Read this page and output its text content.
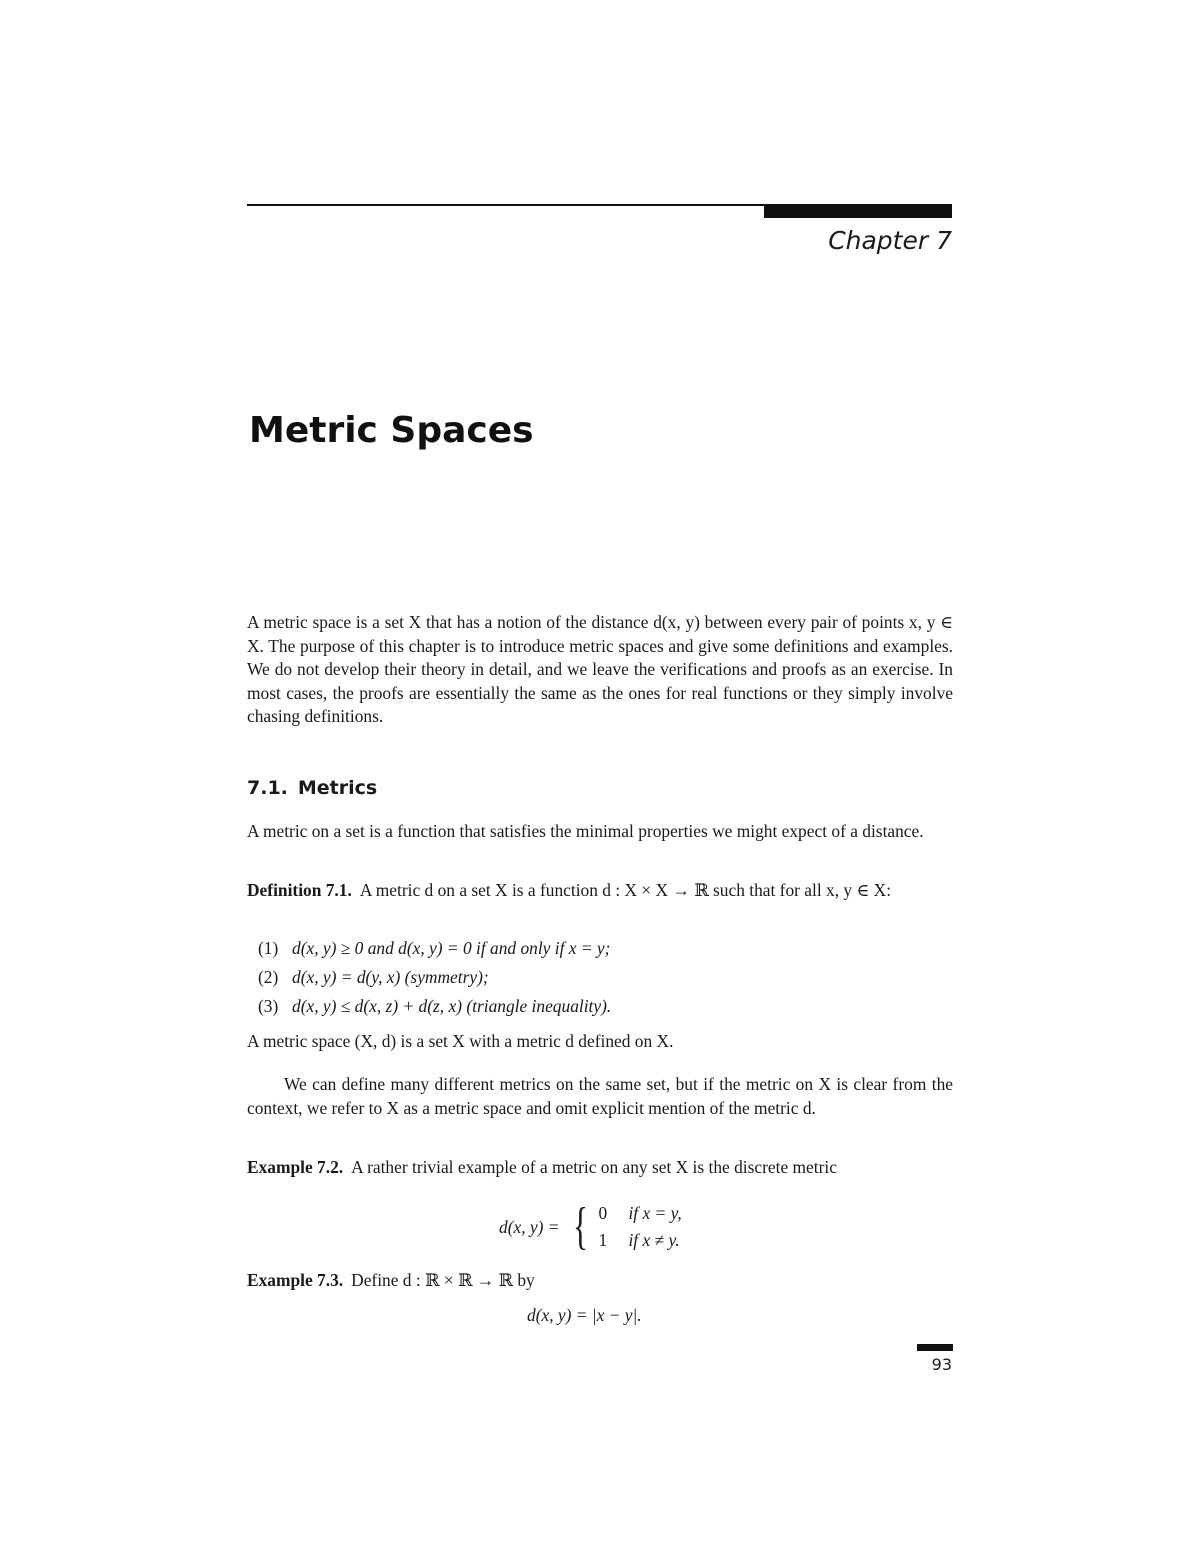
Chapter 7
Metric Spaces

A metric space is a set X that has a notion of the distance d(x, y) between every pair of points x, y ∈ X. The purpose of this chapter is to introduce metric spaces and give some definitions and examples. We do not develop their theory in detail, and we leave the verifications and proofs as an exercise. In most cases, the proofs are essentially the same as the ones for real functions or they simply involve chasing definitions.

7.1. Metrics

A metric on a set is a function that satisfies the minimal properties we might expect of a distance.

Definition 7.1. A metric d on a set X is a function d : X × X → ℝ such that for all x, y ∈ X:

(1) d(x, y) ≥ 0 and d(x, y) = 0 if and only if x = y;
(2) d(x, y) = d(y, x) (symmetry);
(3) d(x, y) ≤ d(x, z) + d(z, x) (triangle inequality).

A metric space (X, d) is a set X with a metric d defined on X.

We can define many different metrics on the same set, but if the metric on X is clear from the context, we refer to X as a metric space and omit explicit mention of the metric d.

Example 7.2. A rather trivial example of a metric on any set X is the discrete metric

d(x, y) = { 0	if x = y,
1	if x ≠ y.

Example 7.3. Define d : ℝ × ℝ → ℝ by

d(x, y) = |x − y|.
93
